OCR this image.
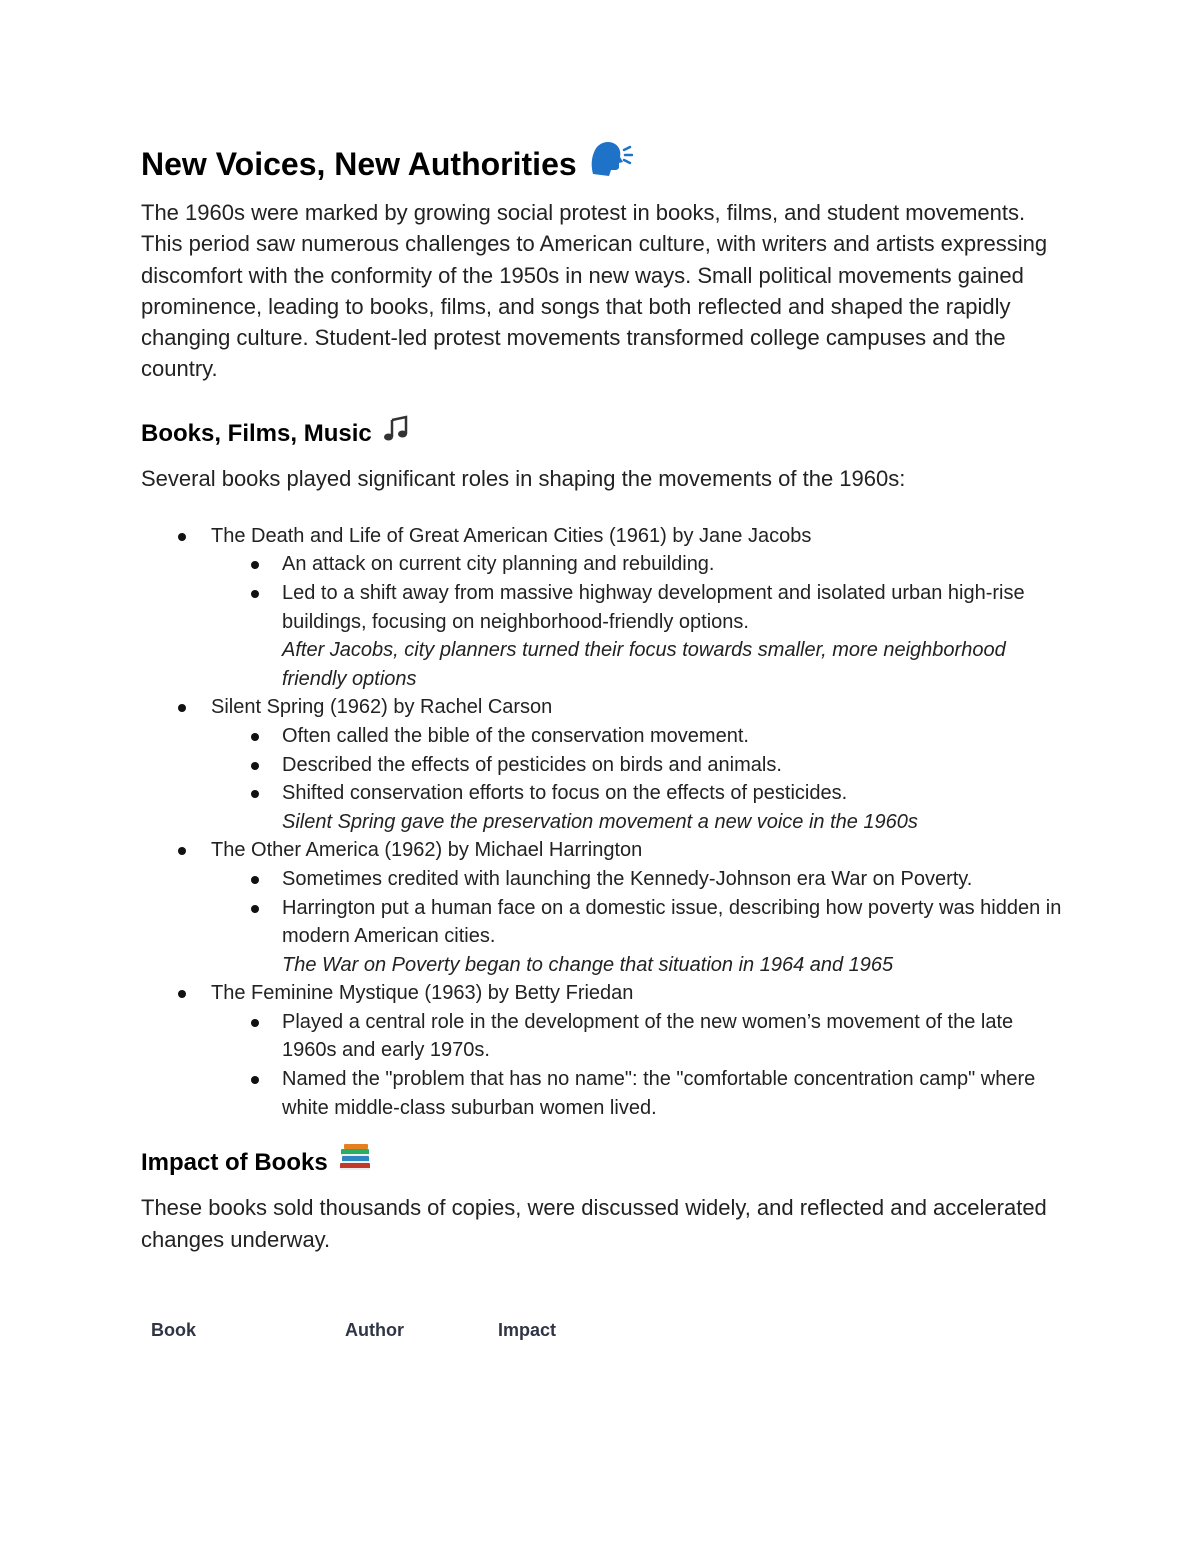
New Voices, New Authorities

The 1960s were marked by growing social protest in books, films, and student movements. This period saw numerous challenges to American culture, with writers and artists expressing discomfort with the conformity of the 1950s in new ways. Small political movements gained prominence, leading to books, films, and songs that both reflected and shaped the rapidly changing culture. Student-led protest movements transformed college campuses and the country.

Books, Films, Music

Several books played significant roles in shaping the movements of the 1960s:

The Death and Life of Great American Cities (1961) by Jane Jacobs
An attack on current city planning and rebuilding.
Led to a shift away from massive highway development and isolated urban high-rise buildings, focusing on neighborhood-friendly options.
After Jacobs, city planners turned their focus towards smaller, more neighborhood friendly options
Silent Spring (1962) by Rachel Carson
Often called the bible of the conservation movement.
Described the effects of pesticides on birds and animals.
Shifted conservation efforts to focus on the effects of pesticides.
Silent Spring gave the preservation movement a new voice in the 1960s
The Other America (1962) by Michael Harrington
Sometimes credited with launching the Kennedy-Johnson era War on Poverty.
Harrington put a human face on a domestic issue, describing how poverty was hidden in modern American cities.
The War on Poverty began to change that situation in 1964 and 1965
The Feminine Mystique (1963) by Betty Friedan
Played a central role in the development of the new women’s movement of the late 1960s and early 1970s.
Named the "problem that has no name": the "comfortable concentration camp" where white middle-class suburban women lived.
Impact of Books

These books sold thousands of copies, were discussed widely, and reflected and accelerated changes underway.

Book	Author	Impact
